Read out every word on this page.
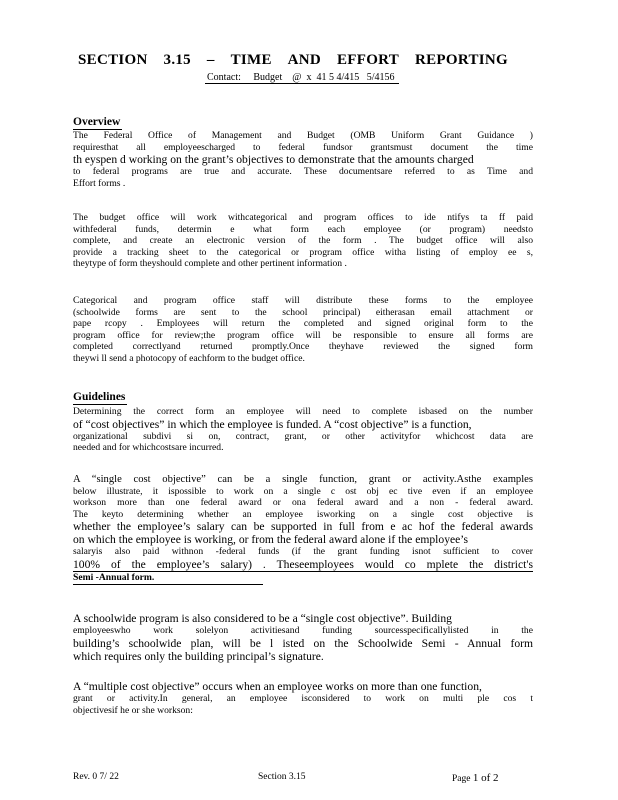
SECTION 3.15 – TIME AND EFFORT REPORTING
Contact:     Budget    @  x  41 5 4/415   5/4156
Overview
The Federal Office of Management and Budget (OMB Uniform Grant Guidance )
requiresthat all employeescharged to federal fundsor grantsmust document the time
th eyspen d working on the grant’s objectives to demonstrate that the amounts charged
to federal programs are true and accurate. These documentsare referred to as Time and
Effort forms .
The budget office will work withcategorical and program offices to ide ntifys ta ff paid
withfederal funds, determin e what form each employee (or program) needsto
complete, and create an electronic version of the form . The budget office will also
provide a tracking sheet to the categorical or program office witha listing of employ ee s,
theytype of form theyshould complete and other pertinent information .
Categorical and program office staff will distribute these forms to the employee
(schoolwide forms are sent to the school principal) eitherasan email attachment or
pape rcopy . Employees will return the completed and signed original form to the
program office for review;the program office will be responsible to ensure all forms are
completed correctlyand returned promptly.Once theyhave reviewed the signed form
theywi ll send a photocopy of eachform to the budget office.
Guidelines
Determining the correct form an employee will need to complete isbased on the number
of “cost objectives” in which the employee is funded. A “cost objective” is a function,
organizational subdivi si on, contract, grant, or other activityfor whichcost data are
needed and for whichcostsare incurred.
A “single cost objective” can be a single function, grant or activity.Asthe examples
below illustrate, it ispossible to work on a single c ost obj ec tive even if an employee
workson more than one federal award or ona federal award and a non - federal award.
The keyto determining whether an employee isworking on a single cost objective is
whether the employee’s salary can be supported in full from e ac hof the federal awards
on which the employee is working, or from the federal award alone if the employee’s
salaryis also paid withnon -federal funds (if the grant funding isnot sufficient to cover
100% of the employee’s salary) . Theseemployees would co mplete the district's
Semi -Annual form.
A schoolwide program is also considered to be a “single cost objective”. Building
employeeswho work solelyon activitiesand funding sourcesspecificallylisted in the
building’s schoolwide plan, will be l isted on the Schoolwide Semi - Annual form
which requires only the building principal’s signature.
A “multiple cost objective” occurs when an employee works on more than one function,
grant or activity.In general, an employee isconsidered to work on multi ple cos t
objectivesif he or she workson:
Rev. 0 7/ 22	Section 3.15	Page 1 of 2
